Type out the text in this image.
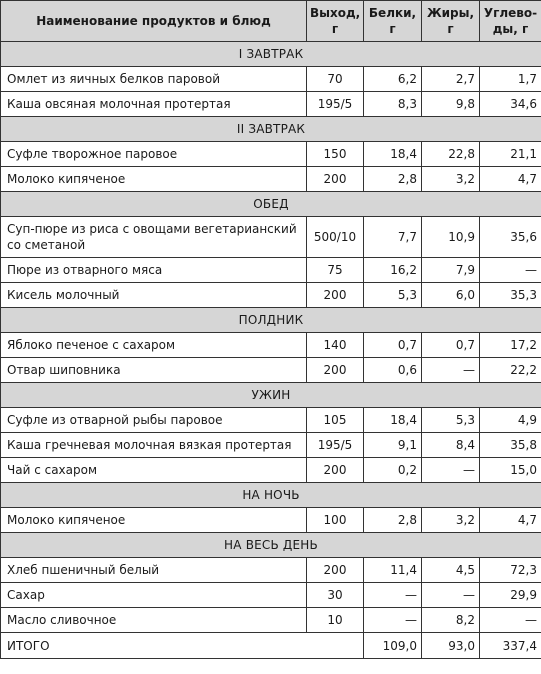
Наименование продуктов и блюд	Выход, г	Белки, г	Жиры, г	Углево-ды, г
I ЗАВТРАК				
Омлет из яичных белков паровой	70	6,2	2,7	1,7
Каша овсяная молочная протертая	195/5	8,3	9,8	34,6
II ЗАВТРАК				
Суфле творожное паровое	150	18,4	22,8	21,1
Молоко кипяченое	200	2,8	3,2	4,7
ОБЕД				
Суп-пюре из риса с овощами вегетарианский со сметаной	500/10	7,7	10,9	35,6
Пюре из отварного мяса	75	16,2	7,9	—
Кисель молочный	200	5,3	6,0	35,3
ПОЛДНИК				
Яблоко печеное с сахаром	140	0,7	0,7	17,2
Отвар шиповника	200	0,6	—	22,2
УЖИН				
Суфле из отварной рыбы паровое	105	18,4	5,3	4,9
Каша гречневая молочная вязкая протертая	195/5	9,1	8,4	35,8
Чай с сахаром	200	0,2	—	15,0
НА НОЧЬ				
Молоко кипяченое	100	2,8	3,2	4,7
НА ВЕСЬ ДЕНЬ				
Хлеб пшеничный белый	200	11,4	4,5	72,3
Сахар	30	—	—	29,9
Масло сливочное	10	—	8,2	—
ИТОГО		109,0	93,0	337,4
